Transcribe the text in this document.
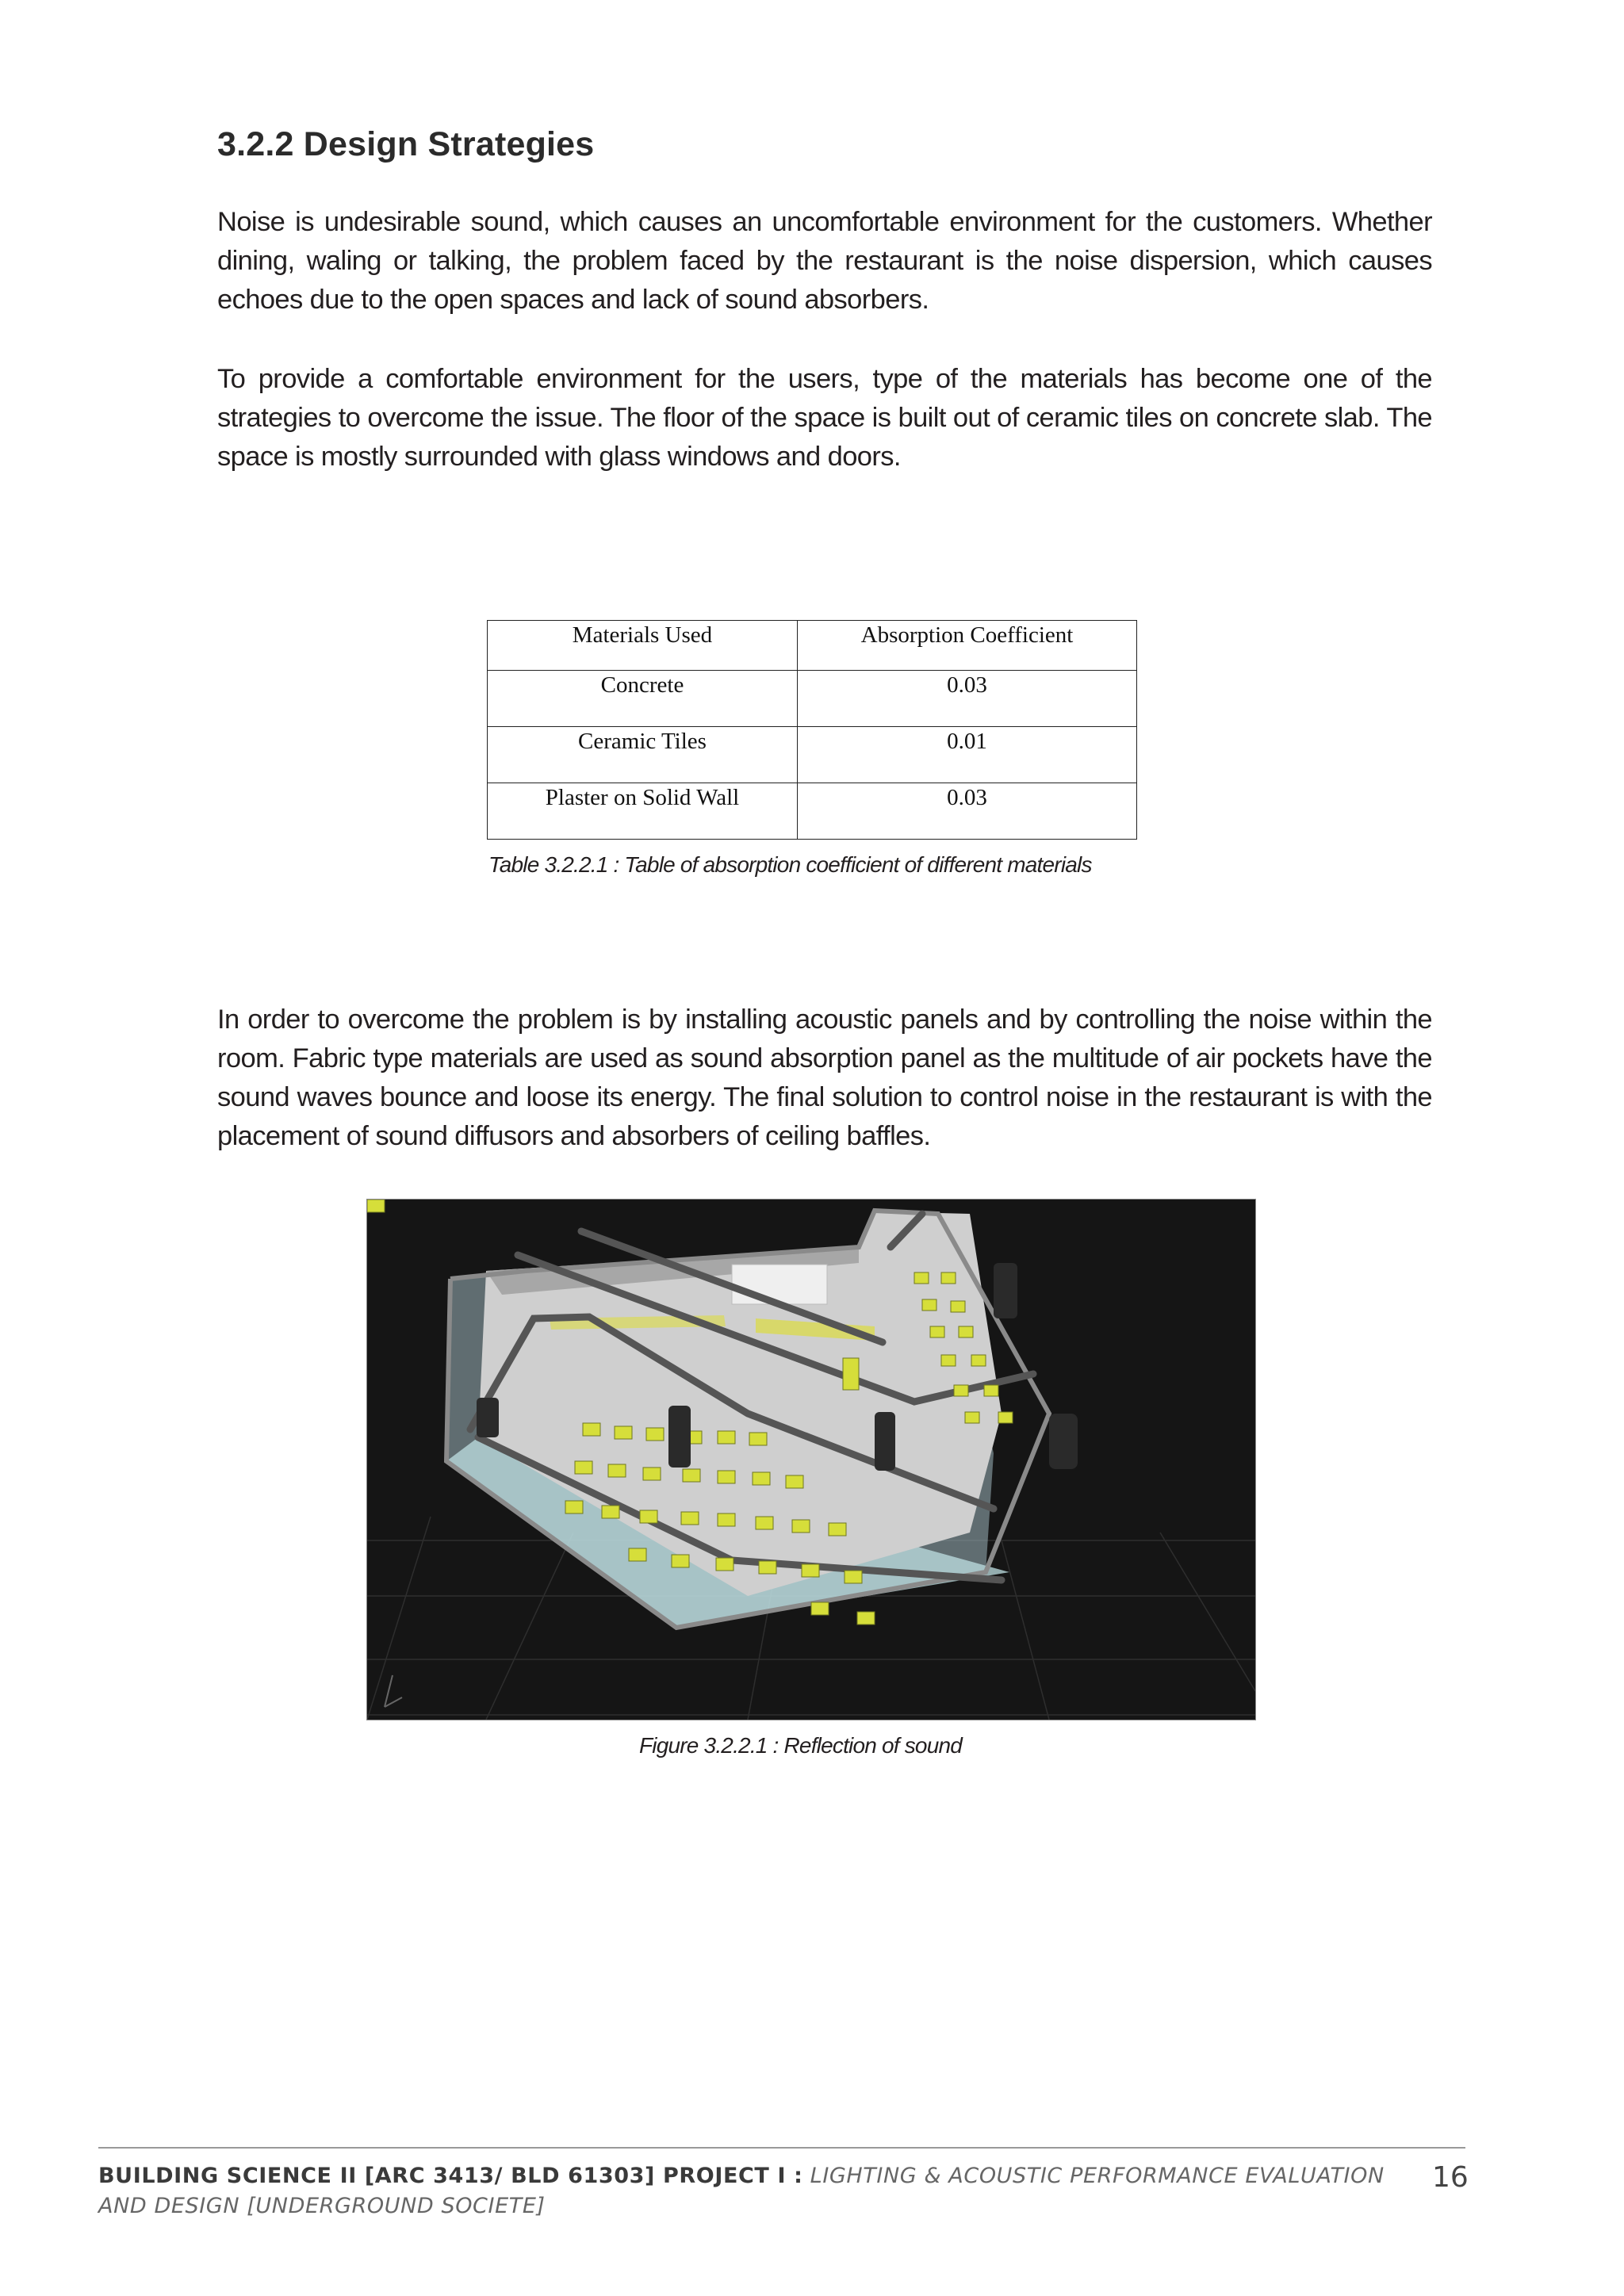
3.2.2 Design Strategies

Noise is undesirable sound, which causes an uncomfortable environment for the customers. Whether dining, waling or talking, the problem faced by the restaurant is the noise dispersion, which causes echoes due to the open spaces and lack of sound absorbers.

To provide a comfortable environment for the users, type of the materials has become one of the strategies to overcome the issue. The floor of the space is built out of ceramic tiles on concrete slab. The space is mostly surrounded with glass windows and doors.

Materials Used	Absorption Coefficient
Concrete	0.03
Ceramic Tiles	0.01
Plaster on Solid Wall	0.03
Table 3.2.2.1 : Table of absorption coefficient of different materials

In order to overcome the problem is by installing acoustic panels and by controlling the noise within the room. Fabric type materials are used as sound absorption panel as the multitude of air pockets have the sound waves bounce and loose its energy. The final solution to control noise in the restaurant is with the placement of sound diffusors and absorbers of ceiling baffles.

Figure 3.2.2.1 : Reflection of sound
BUILDING SCIENCE II [ARC 3413/ BLD 61303] PROJECT I : LIGHTING & ACOUSTIC PERFORMANCE EVALUATION AND DESIGN [UNDERGROUND SOCIETE]
16
